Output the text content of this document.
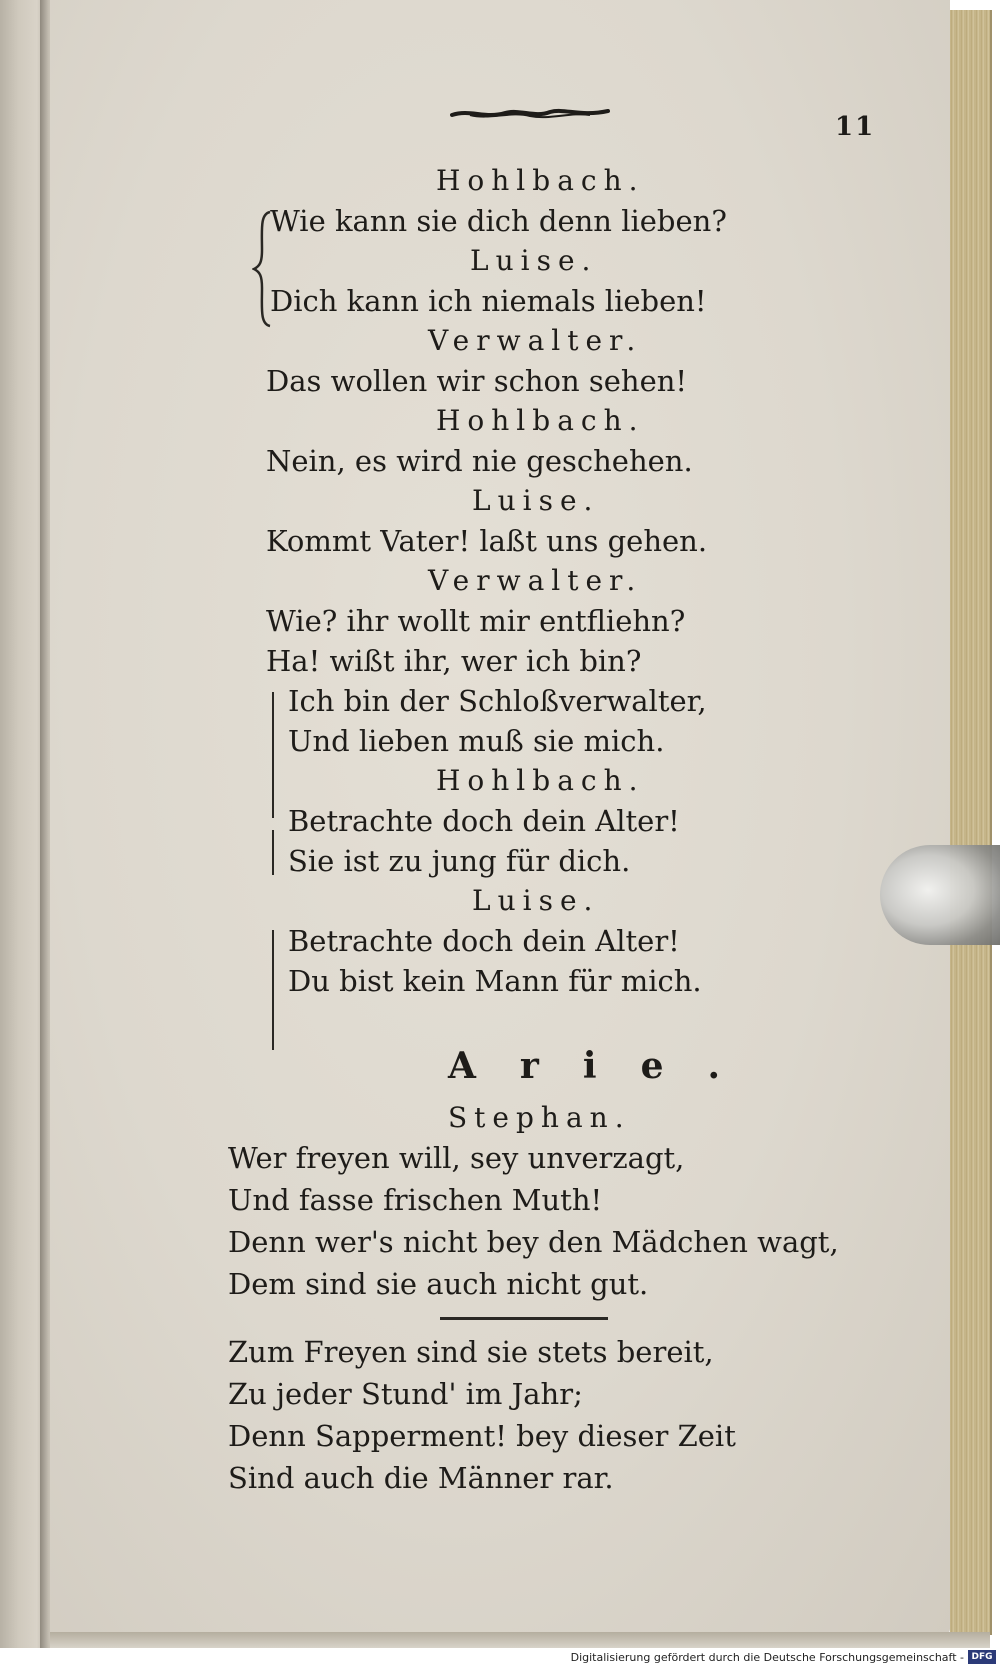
11
Hohlbach.
Wie kann sie dich denn lieben?
Luise.
Dich kann ich niemals lieben!
Verwalter.
Das wollen wir schon sehen!
Hohlbach.
Nein, es wird nie geschehen.
Luise.
Kommt Vater! laßt uns gehen.
Verwalter.
Wie? ihr wollt mir entfliehn?
Ha! wißt ihr, wer ich bin?
Ich bin der Schloßverwalter,
Und lieben muß sie mich.
Hohlbach.
Betrachte doch dein Alter!
Sie ist zu jung für dich.
Luise.
Betrachte doch dein Alter!
Du bist kein Mann für mich.
Arie.
Stephan.
Wer freyen will, sey unverzagt,
Und fasse frischen Muth!
Denn wer's nicht bey den Mädchen wagt,
Dem sind sie auch nicht gut.
Zum Freyen sind sie stets bereit,
Zu jeder Stund' im Jahr;
Denn Sapperment! bey dieser Zeit
Sind auch die Männer rar.
Digitalisierung gefördert durch die Deutsche Forschungsgemeinschaft - DFG
